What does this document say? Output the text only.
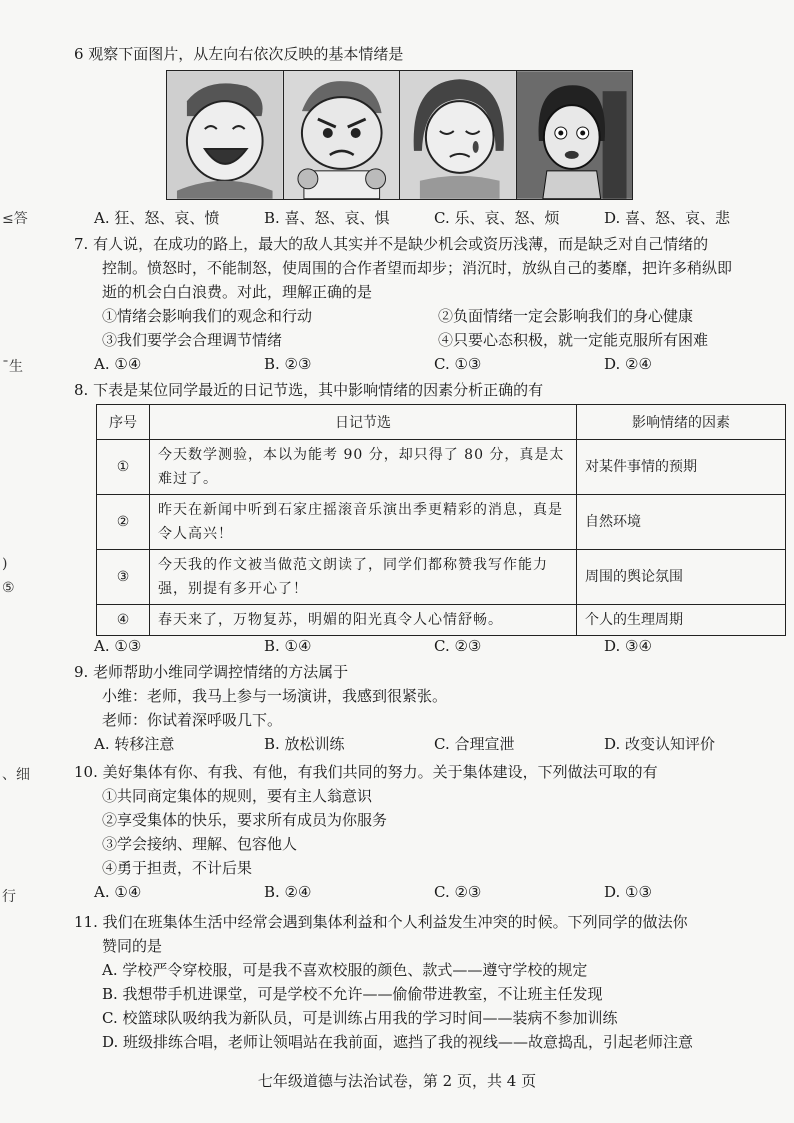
≤答
¯生
)
⑤
、细
行

6 观察下面图片，从左向右依次反映的基本情绪是

A. 狂、怒、哀、愤	B. 喜、怒、哀、惧	C. 乐、哀、怒、烦	D. 喜、怒、哀、悲

7. 有人说，在成功的路上，最大的敌人其实并不是缺少机会或资历浅薄，而是缺乏对自己情绪的

控制。愤怒时，不能制怒，使周围的合作者望而却步；消沉时，放纵自己的萎靡，把许多稍纵即

逝的机会白白浪费。对此，理解正确的是

①情绪会影响我们的观念和行动	②负面情绪一定会影响我们的身心健康
③我们要学会合理调节情绪	④只要心态积极，就一定能克服所有困难
A. ①④	B. ②③	C. ①③	D. ②④

8. 下表是某位同学最近的日记节选，其中影响情绪的因素分析正确的有

序号	日记节选	影响情绪的因素
①	今天数学测验，本以为能考 90 分，却只得了 80 分，真是太难过了。	对某件事情的预期
②	昨天在新闻中听到石家庄摇滚音乐演出季更精彩的消息，真是令人高兴！	自然环境
③	今天我的作文被当做范文朗读了，同学们都称赞我写作能力强，别提有多开心了！	周围的舆论氛围
④	春天来了，万物复苏，明媚的阳光真令人心情舒畅。	个人的生理周期
A. ①③	B. ①④	C. ②③	D. ③④

9. 老师帮助小维同学调控情绪的方法属于

小维：老师，我马上参与一场演讲，我感到很紧张。

老师：你试着深呼吸几下。

A. 转移注意	B. 放松训练	C. 合理宣泄	D. 改变认知评价

10. 美好集体有你、有我、有他，有我们共同的努力。关于集体建设，下列做法可取的有

①共同商定集体的规则，要有主人翁意识

②享受集体的快乐，要求所有成员为你服务

③学会接纳、理解、包容他人

④勇于担责，不计后果

A. ①④	B. ②④	C. ②③	D. ①③

11. 我们在班集体生活中经常会遇到集体利益和个人利益发生冲突的时候。下列同学的做法你

赞同的是

A. 学校严令穿校服，可是我不喜欢校服的颜色、款式——遵守学校的规定

B. 我想带手机进课堂，可是学校不允许——偷偷带进教室，不让班主任发现

C. 校篮球队吸纳我为新队员，可是训练占用我的学习时间——装病不参加训练

D. 班级排练合唱，老师让领唱站在我前面，遮挡了我的视线——故意捣乱，引起老师注意

七年级道德与法治试卷，第 2 页，共 4 页
